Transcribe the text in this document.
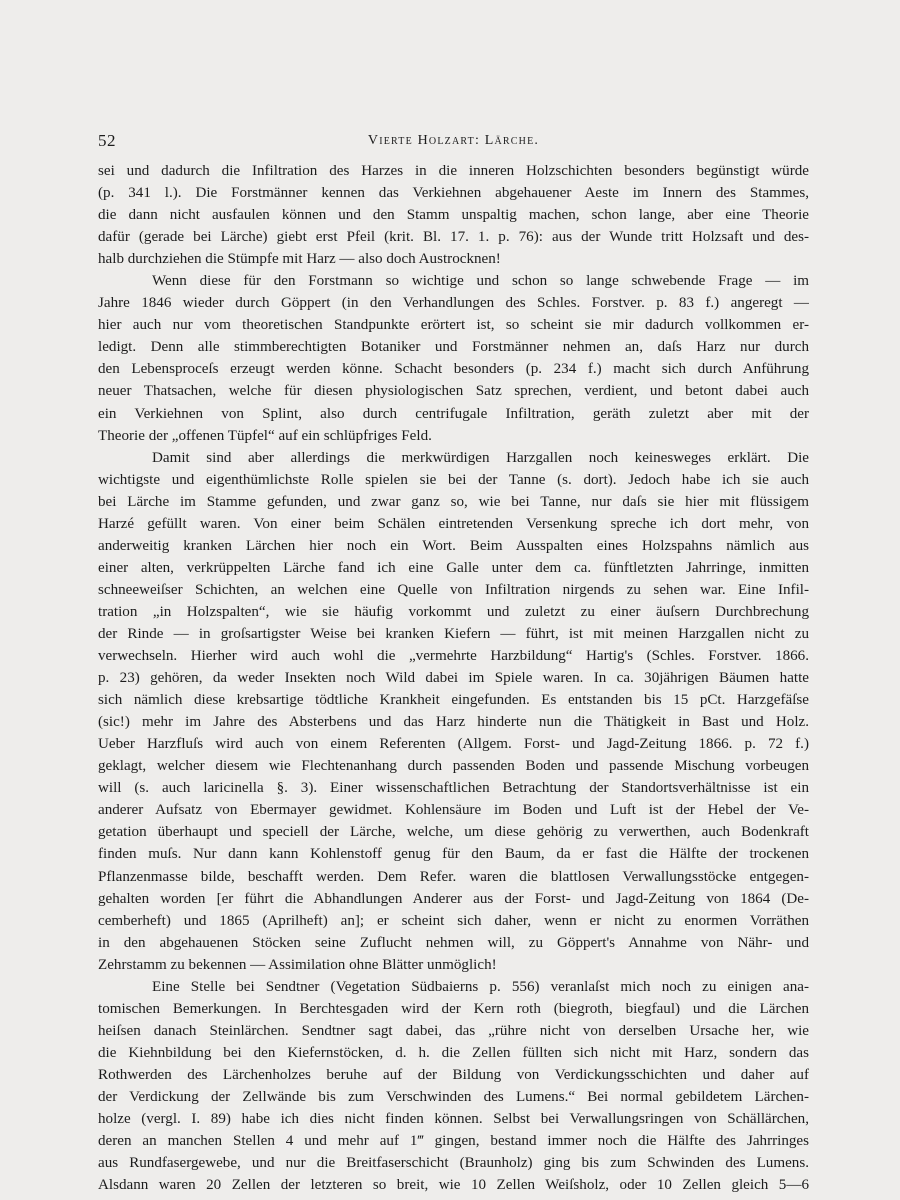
52	Vierte Holzart: Lärche.
sei und dadurch die Infiltration des Harzes in die inneren Holzschichten besonders begünstigt würde
(p. 341 l.). Die Forstmänner kennen das Verkiehnen abgehauener Aeste im Innern des Stammes,
die dann nicht ausfaulen können und den Stamm unspaltig machen, schon lange, aber eine Theorie
dafür (gerade bei Lärche) giebt erst Pfeil (krit. Bl. 17. 1. p. 76): aus der Wunde tritt Holzsaft und des-
halb durchziehen die Stümpfe mit Harz — also doch Austrocknen!
Wenn diese für den Forstmann so wichtige und schon so lange schwebende Frage — im
Jahre 1846 wieder durch Göppert (in den Verhandlungen des Schles. Forstver. p. 83 f.) angeregt —
hier auch nur vom theoretischen Standpunkte erörtert ist, so scheint sie mir dadurch vollkommen er-
ledigt. Denn alle stimmberechtigten Botaniker und Forstmänner nehmen an, daſs Harz nur durch
den Lebensproceſs erzeugt werden könne. Schacht besonders (p. 234 f.) macht sich durch Anführung
neuer Thatsachen, welche für diesen physiologischen Satz sprechen, verdient, und betont dabei auch
ein Verkiehnen von Splint, also durch centrifugale Infiltration, geräth zuletzt aber mit der
Theorie der „offenen Tüpfel“ auf ein schlüpfriges Feld.
Damit sind aber allerdings die merkwürdigen Harzgallen noch keinesweges erklärt. Die
wichtigste und eigenthümlichste Rolle spielen sie bei der Tanne (s. dort). Jedoch habe ich sie auch
bei Lärche im Stamme gefunden, und zwar ganz so, wie bei Tanne, nur daſs sie hier mit flüssigem
Harzé gefüllt waren. Von einer beim Schälen eintretenden Versenkung spreche ich dort mehr, von
anderweitig kranken Lärchen hier noch ein Wort. Beim Ausspalten eines Holzspahns nämlich aus
einer alten, verkrüppelten Lärche fand ich eine Galle unter dem ca. fünftletzten Jahrringe, inmitten
schneeweiſser Schichten, an welchen eine Quelle von Infiltration nirgends zu sehen war. Eine Infil-
tration „in Holzspalten“, wie sie häufig vorkommt und zuletzt zu einer äuſsern Durchbrechung
der Rinde — in groſsartigster Weise bei kranken Kiefern — führt, ist mit meinen Harzgallen nicht zu
verwechseln. Hierher wird auch wohl die „vermehrte Harzbildung“ Hartig's (Schles. Forstver. 1866.
p. 23) gehören, da weder Insekten noch Wild dabei im Spiele waren. In ca. 30jährigen Bäumen hatte
sich nämlich diese krebsartige tödtliche Krankheit eingefunden. Es entstanden bis 15 pCt. Harzgefäſse
(sic!) mehr im Jahre des Absterbens und das Harz hinderte nun die Thätigkeit in Bast und Holz.
Ueber Harzfluſs wird auch von einem Referenten (Allgem. Forst- und Jagd-Zeitung 1866. p. 72 f.)
geklagt, welcher diesem wie Flechtenanhang durch passenden Boden und passende Mischung vorbeugen
will (s. auch laricinella §. 3). Einer wissenschaftlichen Betrachtung der Standortsverhältnisse ist ein
anderer Aufsatz von Ebermayer gewidmet. Kohlensäure im Boden und Luft ist der Hebel der Ve-
getation überhaupt und speciell der Lärche, welche, um diese gehörig zu verwerthen, auch Bodenkraft
finden muſs. Nur dann kann Kohlenstoff genug für den Baum, da er fast die Hälfte der trockenen
Pflanzenmasse bilde, beschafft werden. Dem Refer. waren die blattlosen Verwallungsstöcke entgegen-
gehalten worden [er führt die Abhandlungen Anderer aus der Forst- und Jagd-Zeitung von 1864 (De-
cemberheft) und 1865 (Aprilheft) an]; er scheint sich daher, wenn er nicht zu enormen Vorräthen
in den abgehauenen Stöcken seine Zuflucht nehmen will, zu Göppert's Annahme von Nähr- und
Zehrstamm zu bekennen — Assimilation ohne Blätter unmöglich!
Eine Stelle bei Sendtner (Vegetation Südbaierns p. 556) veranlaſst mich noch zu einigen ana-
tomischen Bemerkungen. In Berchtesgaden wird der Kern roth (biegroth, biegfaul) und die Lärchen
heiſsen danach Steinlärchen. Sendtner sagt dabei, das „rühre nicht von derselben Ursache her, wie
die Kiehnbildung bei den Kiefernstöcken, d. h. die Zellen füllten sich nicht mit Harz, sondern das
Rothwerden des Lärchenholzes beruhe auf der Bildung von Verdickungsschichten und daher auf
der Verdickung der Zellwände bis zum Verschwinden des Lumens.“ Bei normal gebildetem Lärchen-
holze (vergl. I. 89) habe ich dies nicht finden können. Selbst bei Verwallungsringen von Schällärchen,
deren an manchen Stellen 4 und mehr auf 1‴ gingen, bestand immer noch die Hälfte des Jahrringes
aus Rundfasergewebe, und nur die Breitfaserschicht (Braunholz) ging bis zum Schwinden des Lumens.
Alsdann waren 20 Zellen der letzteren so breit, wie 10 Zellen Weiſsholz, oder 10 Zellen gleich 5—6
